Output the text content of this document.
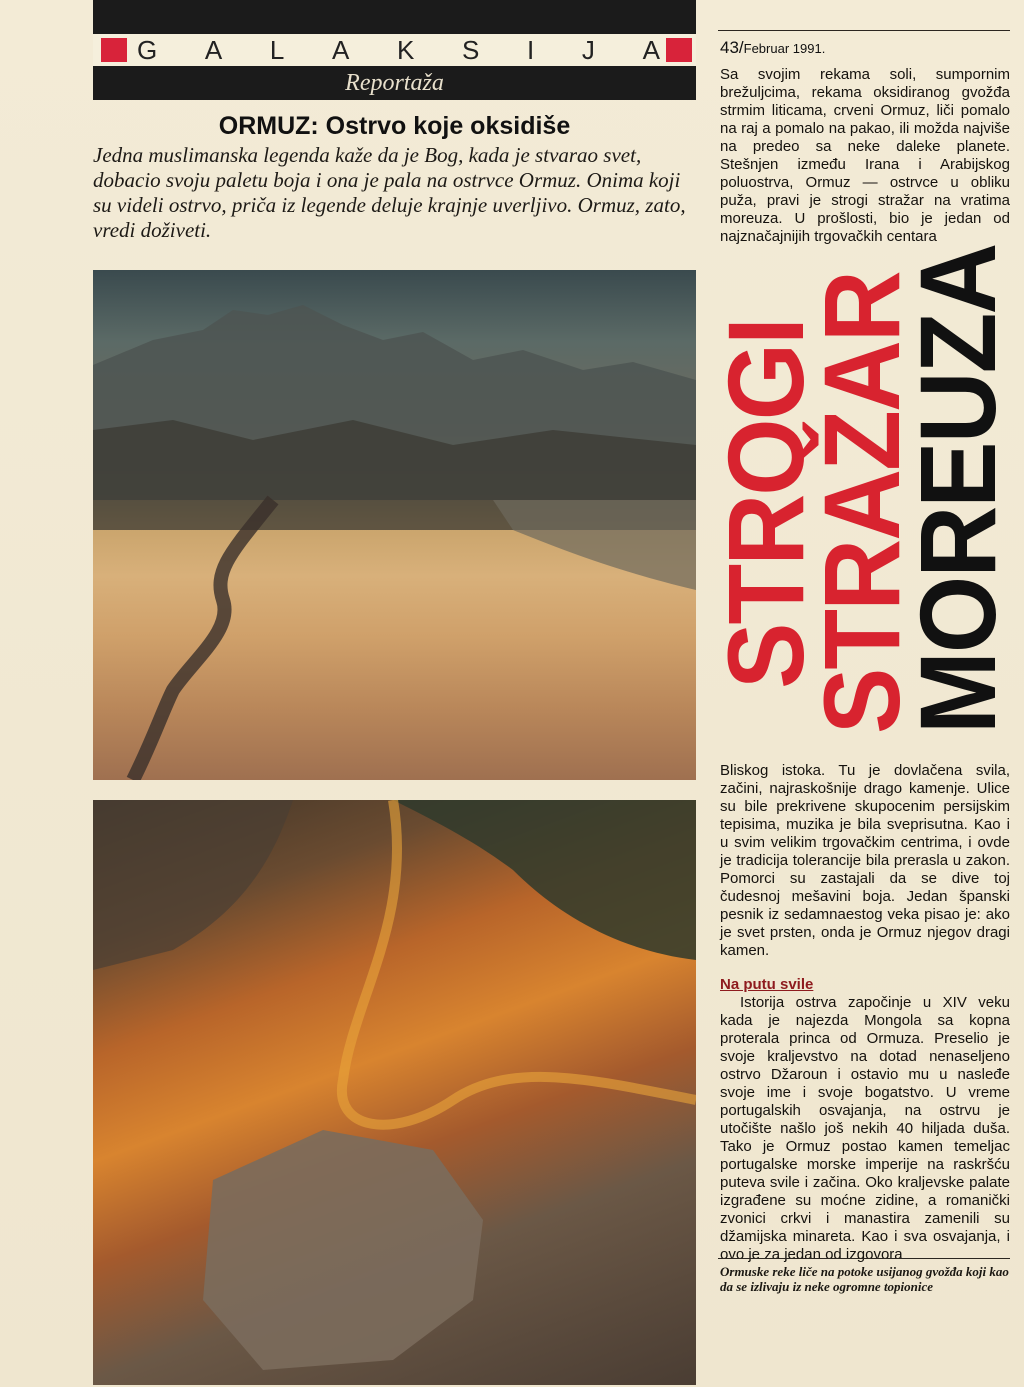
G A L A K S I J A
Reportaža
ORMUZ: Ostrvo koje oksidiše
Jedna muslimanska legenda kaže da je Bog, kada je stvarao svet, dobacio svoju paletu boja i ona je pala na ostrvce Ormuz. Onima koji su videli ostrvo, priča iz legende deluje krajnje uverljivo. Ormuz, zato, vredi doživeti.
43/Februar 1991.
Sa svojim rekama soli, sumpornim brežuljcima, rekama oksidiranog gvožđa strmim liticama, crveni Ormuz, liči pomalo na raj a pomalo na pakao, ili možda najviše na predeo sa neke daleke planete. Stešnjen između Irana i Arabijskog poluostrva, Ormuz — ostrvce u obliku puža, pravi je strogi stražar na vratima moreuza. U prošlosti, bio je jedan od najznačajnijih trgovačkih centara
STROGI
STRAŽAR
MOREUZA
Bliskog istoka. Tu je dovlačena svila, začini, najraskošnije drago kamenje. Ulice su bile prekrivene skupocenim persijskim tepisima, muzika je bila sveprisutna. Kao i u svim velikim trgovačkim centrima, i ovde je tradicija tolerancije bila prerasla u zakon. Pomorci su zastajali da se dive toj čudesnoj mešavini boja. Jedan španski pesnik iz sedamnaestog veka pisao je: ako je svet prsten, onda je Ormuz njegov dragi kamen.
Na putu svile
Istorija ostrva započinje u XIV veku kada je najezda Mongola sa kopna proterala princa od Ormuza. Preselio je svoje kraljevstvo na dotad nenaseljeno ostrvo Džaroun i ostavio mu u nasleđe svoje ime i svoje bogatstvo. U vreme portugalskih osvajanja, na ostrvu je utočište našlo još nekih 40 hiljada duša. Tako je Ormuz postao kamen temeljac portugalske morske imperije na raskršću puteva svile i začina. Oko kraljevske palate izgrađene su moćne zidine, a romanički zvonici crkvi i manastira zamenili su džamijska minareta. Kao i sva osvajanja, i ovo je za jedan od izgovora
Ormuske reke liče na potoke usijanog gvožđa koji kao da se izlivaju iz neke ogromne topionice
